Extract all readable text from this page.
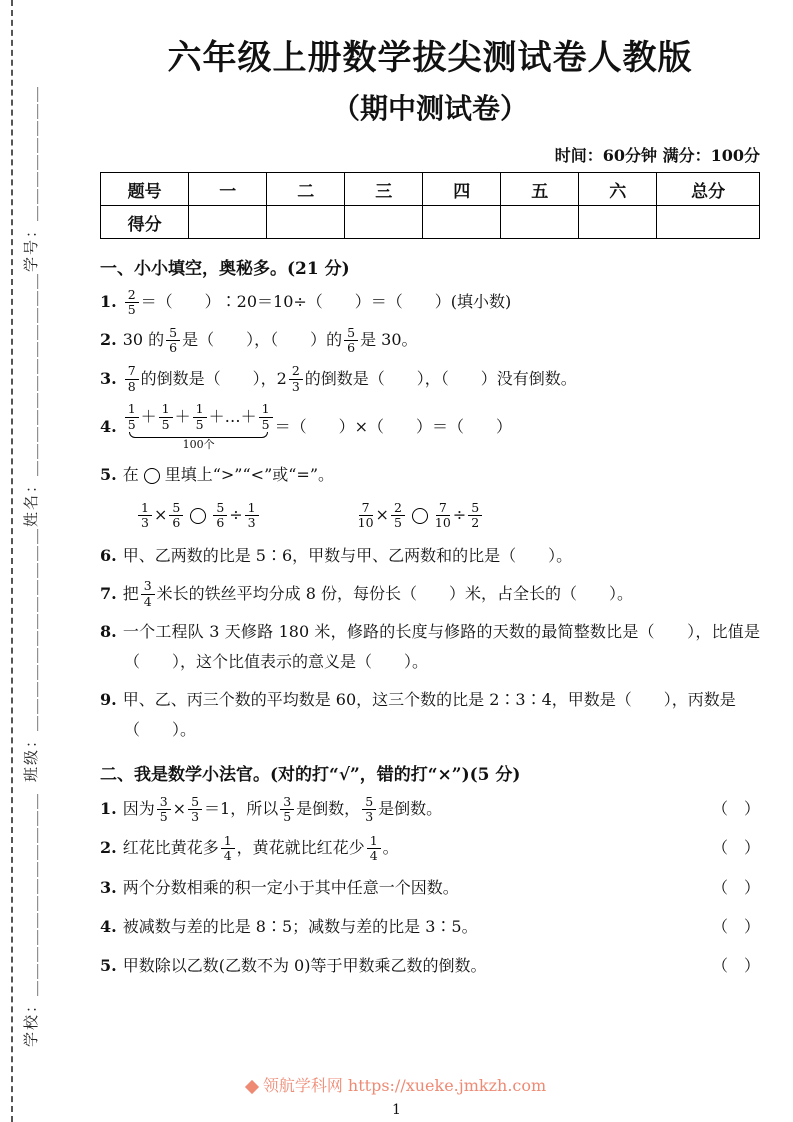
学号：＿＿＿＿＿＿＿＿
姓名：＿＿＿＿＿＿＿＿＿＿＿＿
班级：＿＿＿＿＿＿＿＿＿＿＿＿
学校：＿＿＿＿＿＿＿＿＿＿＿＿
六年级上册数学拔尖测试卷人教版
（期中测试卷）
时间：60分钟 满分：100分
题号	一	二	三	四	五	六	总分
得分							
一、小小填空，奥秘多。(21 分)
1. $\frac{2}{5}$ ＝（　　）∶20＝10÷（　　）＝（　　）(填小数)
2. 30 的 $\frac{5}{6}$ 是（　　），（　　）的 $\frac{5}{6}$ 是 30。
3. $\frac{7}{8}$ 的倒数是（　　），$2 \frac{2}{3}$ 的倒数是（　　），（　　）没有倒数。
4. $\frac{1}{5} + \frac{1}{5} + \frac{1}{5}$ ＋…＋ $\frac{1}{5}$
100个
＝（　　）×（　　）＝（　　）
5. 在 里填上“>”“<”或“=”。
$\frac{1}{3} \times \frac{5}{6} \frac{5}{6} \div \frac{1}{3}$	$\frac{7}{10} \times \frac{2}{5} \frac{7}{10} \div \frac{5}{2}$
6. 甲、乙两数的比是 5∶6，甲数与甲、乙两数和的比是（　　）。
7. 把 $\frac{3}{4}$ 米长的铁丝平均分成 8 份，每份长（　　）米，占全长的（　　）。
8. 一个工程队 3 天修路 180 米，修路的长度与修路的天数的最简整数比是（　　），比值是（　　），这个比值表示的意义是（　　）。
9. 甲、乙、丙三个数的平均数是 60，这三个数的比是 2∶3∶4，甲数是（　　），丙数是（　　）。
二、我是数学小法官。(对的打“√”，错的打“×”)(5 分)
1. 因为 $\frac{3}{5} \times \frac{5}{3} =1$，所以 $\frac{3}{5}$ 是倒数， $\frac{5}{3}$ 是倒数。	（　）
2. 红花比黄花多 $\frac{1}{4}$ ，黄花就比红花少 $\frac{1}{4}$ 。	（　）
3. 两个分数相乘的积一定小于其中任意一个因数。	（　）
4. 被减数与差的比是 8∶5；减数与差的比是 3∶5。	（　）
5. 甲数除以乙数(乙数不为 0)等于甲数乘乙数的倒数。	（　）
领航学科网 https://xueke.jmkzh.com
1
